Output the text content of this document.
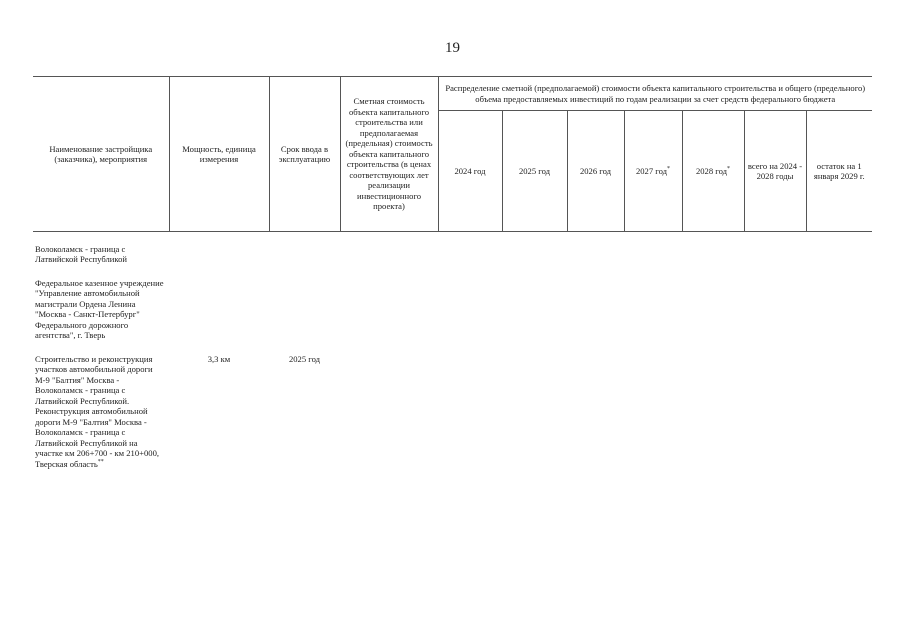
19
Наименование застройщика (заказчика), мероприятия	Мощность, единица измерения	Срок ввода в эксплуатацию	Сметная стоимость объекта капитального строительства или предполагаемая (предельная) стоимость объекта капитального строительства (в ценах соответствующих лет реализации инвестиционного проекта)	Распределение сметной (предполагаемой) стоимости объекта капитального строительства и общего (предельного) объема предоставляемых инвестиций по годам реализации за счет средств федерального бюджета						
				2024 год	2025 год	2026 год	2027 год*	2028 год*	всего на 2024 - 2028 годы	остаток на 1 января 2029 г.

Волоколамск - граница с Латвийской Республикой										

Федеральное казенное учреждение "Управление автомобильной магистрали Ордена Ленина "Москва - Санкт-Петербург" Федерального дорожного агентства", г. Тверь										

Строительство и реконструкция участков автомобильной дороги М-9 "Балтия" Москва - Волоколамск - граница с Латвийской Республикой. Реконструкция автомобильной дороги М-9 "Балтия" Москва - Волоколамск - граница с Латвийской Республикой на участке км 206+700 - км 210+000, Тверская область**	3,3 км	2025 год								
